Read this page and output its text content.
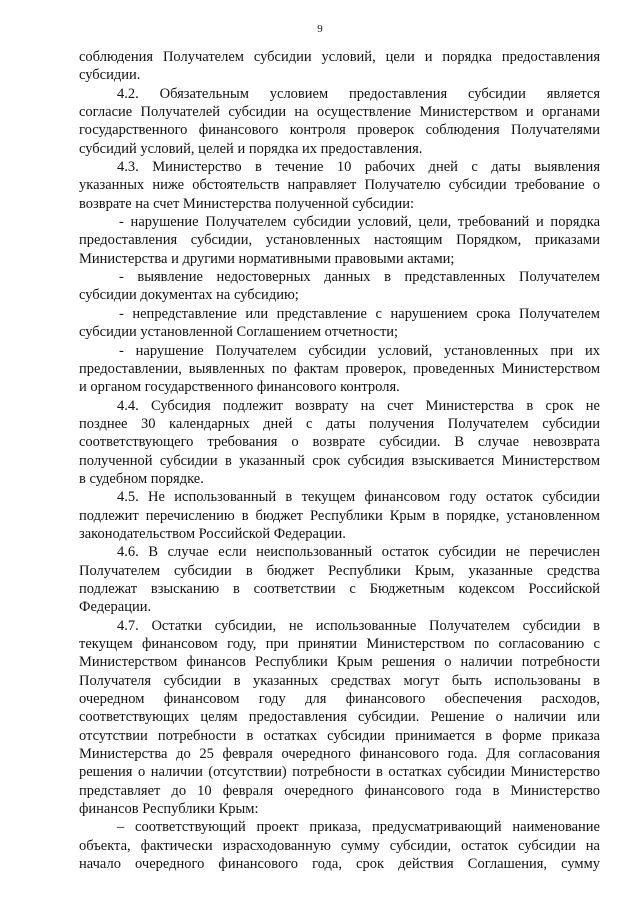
9
соблюдения Получателем субсидии условий, цели и порядка предоставления
субсидии.
4.2. Обязательным условием предоставления субсидии является
согласие Получателей субсидии на осуществление Министерством и органами
государственного финансового контроля проверок соблюдения Получателями
субсидий условий, целей и порядка их предоставления.
4.3. Министерство в течение 10 рабочих дней с даты выявления
указанных ниже обстоятельств направляет Получателю субсидии требование о
возврате на счет Министерства полученной субсидии:
- нарушение Получателем субсидии условий, цели, требований и порядка
предоставления субсидии, установленных настоящим Порядком, приказами
Министерства и другими нормативными правовыми актами;
- выявление недостоверных данных в представленных Получателем
субсидии документах на субсидию;
- непредставление или представление с нарушением срока Получателем
субсидии установленной Соглашением отчетности;
- нарушение Получателем субсидии условий, установленных при их
предоставлении, выявленных по фактам проверок, проведенных Министерством
и органом государственного финансового контроля.
4.4. Субсидия подлежит возврату на счет Министерства в срок не
позднее 30 календарных дней с даты получения Получателем субсидии
соответствующего требования о возврате субсидии. В случае невозврата
полученной субсидии в указанный срок субсидия взыскивается Министерством
в судебном порядке.
4.5. Не использованный в текущем финансовом году остаток субсидии
подлежит перечислению в бюджет Республики Крым в порядке, установленном
законодательством Российской Федерации.
4.6. В случае если неиспользованный остаток субсидии не перечислен
Получателем субсидии в бюджет Республики Крым, указанные средства
подлежат взысканию в соответствии с Бюджетным кодексом Российской
Федерации.
4.7. Остатки субсидии, не использованные Получателем субсидии в
текущем финансовом году, при принятии Министерством по согласованию с
Министерством финансов Республики Крым решения о наличии потребности
Получателя субсидии в указанных средствах могут быть использованы в
очередном финансовом году для финансового обеспечения расходов,
соответствующих целям предоставления субсидии. Решение о наличии или
отсутствии потребности в остатках субсидии принимается в форме приказа
Министерства до 25 февраля очередного финансового года. Для согласования
решения о наличии (отсутствии) потребности в остатках субсидии Министерство
представляет до 10 февраля очередного финансового года в Министерство
финансов Республики Крым:
– соответствующий проект приказа, предусматривающий наименование
объекта, фактически израсходованную сумму субсидии, остаток субсидии на
начало очередного финансового года, срок действия Соглашения, сумму
